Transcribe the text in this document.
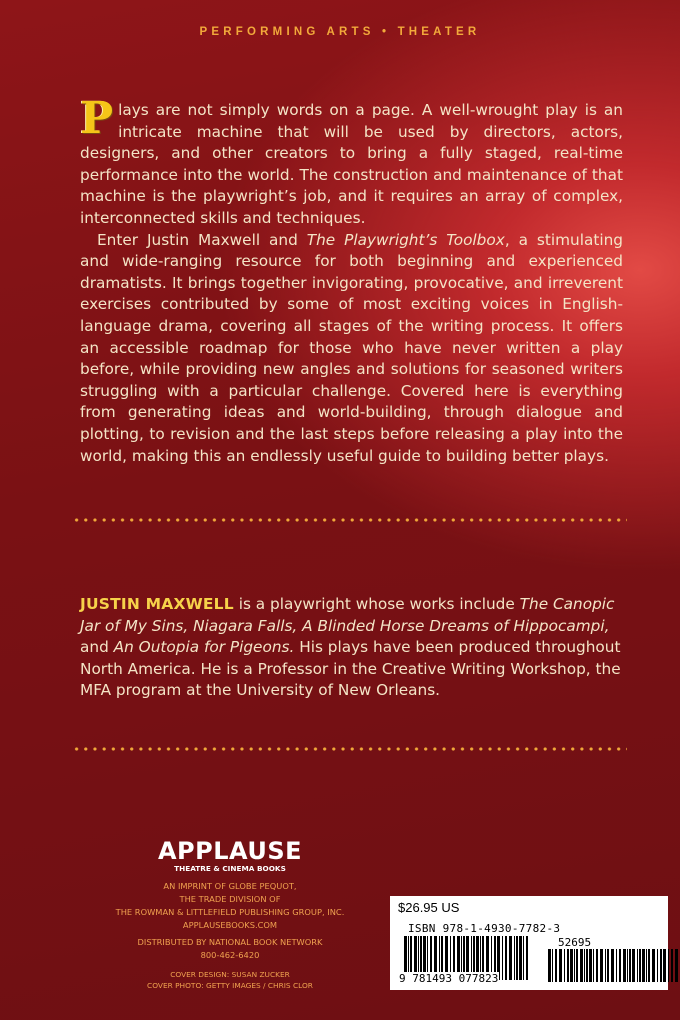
PERFORMING ARTS • THEATER

Plays are not simply words on a page. A well-wrought play is an intricate machine that will be used by directors, actors, designers, and other creators to bring a fully staged, real-time performance into the world. The construction and maintenance of that machine is the playwright’s job, and it requires an array of complex, interconnected skills and techniques.

Enter Justin Maxwell and The Playwright’s Toolbox, a stimulating and wide-ranging resource for both beginning and experienced dramatists. It brings together invigorating, provocative, and irreverent exercises contributed by some of most exciting voices in English-language drama, covering all stages of the writing process. It offers an accessible roadmap for those who have never written a play before, while providing new angles and solutions for seasoned writers struggling with a particular challenge. Covered here is everything from generating ideas and world-building, through dialogue and plotting, to revision and the last steps before releasing a play into the world, making this an endlessly useful guide to building better plays.

JUSTIN MAXWELL is a playwright whose works include The Canopic Jar of My Sins, Niagara Falls, A Blinded Horse Dreams of Hippocampi, and An Outopia for Pigeons. His plays have been produced throughout North America. He is a Professor in the Creative Writing Workshop, the MFA program at the University of New Orleans.
APPLAUSE
THEATRE & CINEMA BOOKS
AN IMPRINT OF GLOBE PEQUOT,
THE TRADE DIVISION OF
THE ROWMAN & LITTLEFIELD PUBLISHING GROUP, INC.
APPLAUSEBOOKS.COM
DISTRIBUTED BY NATIONAL BOOK NETWORK
800-462-6420
COVER DESIGN: SUSAN ZUCKER
COVER PHOTO: GETTY IMAGES / CHRIS CLOR
$26.95 US
ISBN 978-1-4930-7782-3
52695
9 781493 077823
